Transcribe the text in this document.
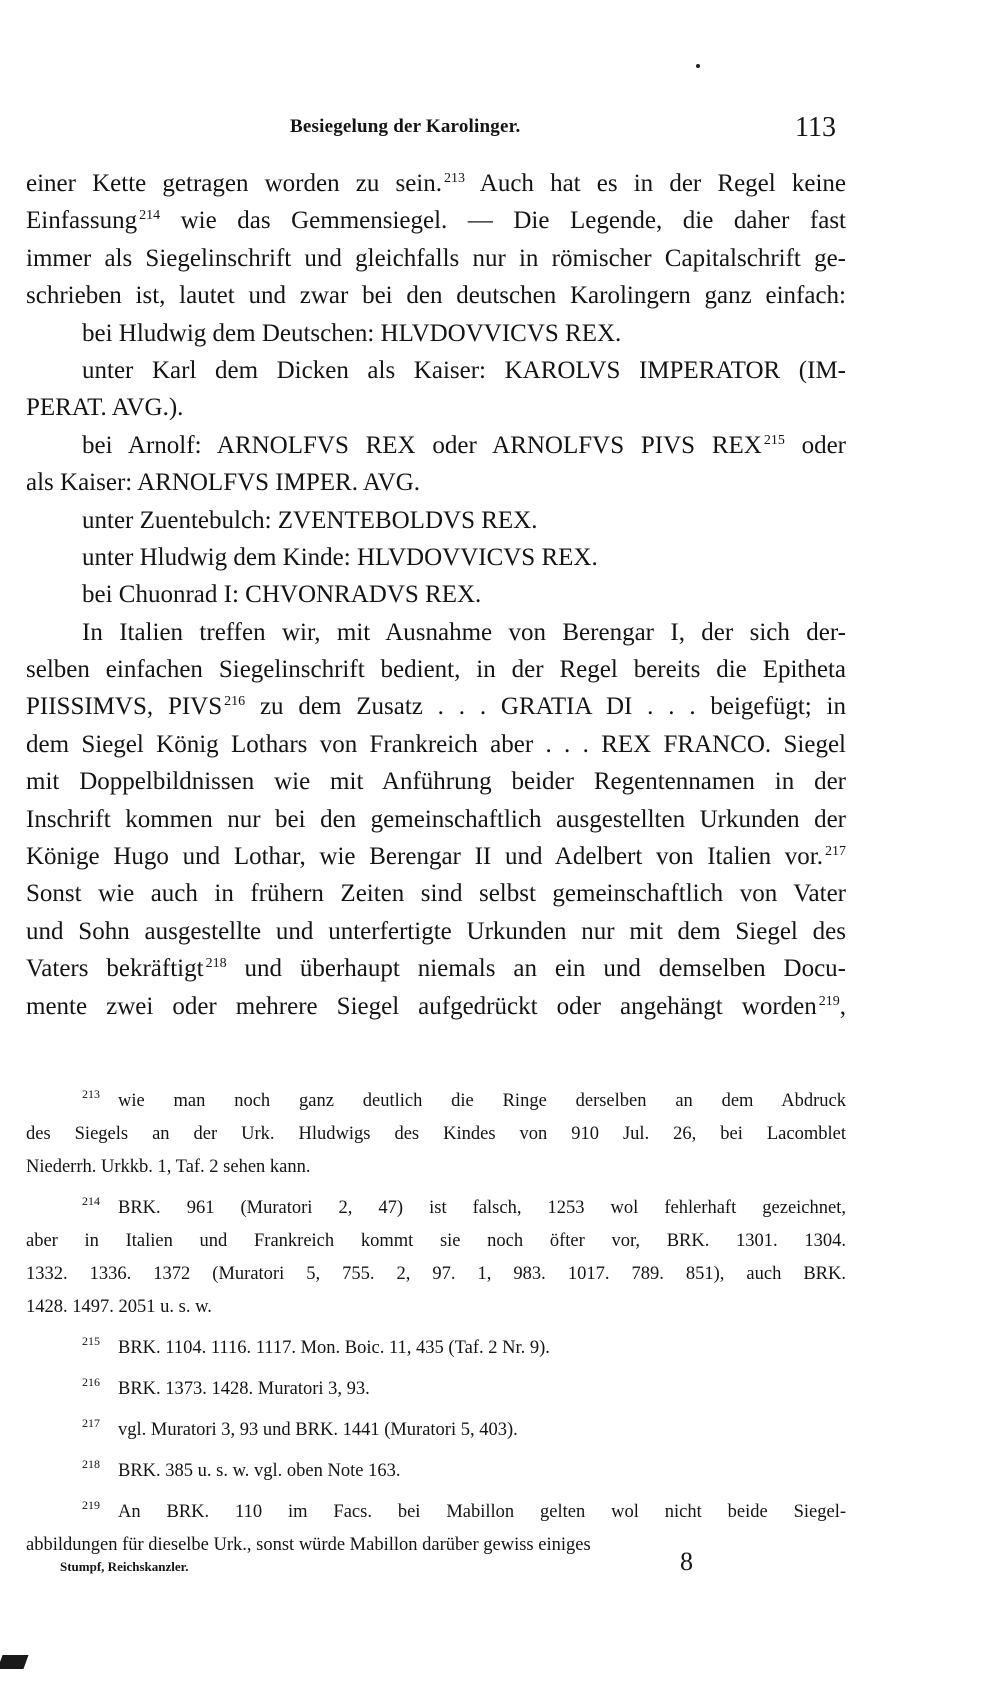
Besiegelung der Karolinger.	113
einer Kette getragen worden zu sein. $^{213}$ Auch hat es in der Regel keine
Einfassung $^{214}$ wie das Gemmensiegel. — Die Legende, die daher fast
immer als Siegelinschrift und gleichfalls nur in römischer Capitalschrift ge-
schrieben ist, lautet und zwar bei den deutschen Karolingern ganz einfach:
bei Hludwig dem Deutschen: HLVDOVVICVS REX.
unter Karl dem Dicken als Kaiser: KAROLVS IMPERATOR (IM-
PERAT. AVG.).
bei Arnolf: ARNOLFVS REX oder ARNOLFVS PIVS REX $^{215}$ oder
als Kaiser: ARNOLFVS IMPER. AVG.
unter Zuentebulch: ZVENTEBOLDVS REX.
unter Hludwig dem Kinde: HLVDOVVICVS REX.
bei Chuonrad I: CHVONRADVS REX.
In Italien treffen wir, mit Ausnahme von Berengar I, der sich der-
selben einfachen Siegelinschrift bedient, in der Regel bereits die Epitheta
PIISSIMVS, PIVS $^{216}$ zu dem Zusatz . . . GRATIA DI . . . beigefügt; in
dem Siegel König Lothars von Frankreich aber . . . REX FRANCO. Siegel
mit Doppelbildnissen wie mit Anführung beider Regentennamen in der
Inschrift kommen nur bei den gemeinschaftlich ausgestellten Urkunden der
Könige Hugo und Lothar, wie Berengar II und Adelbert von Italien vor. $^{217}$
Sonst wie auch in frühern Zeiten sind selbst gemeinschaftlich von Vater
und Sohn ausgestellte und unterfertigte Urkunden nur mit dem Siegel des
Vaters bekräftigt $^{218}$ und überhaupt niemals an ein und demselben Docu-
mente zwei oder mehrere Siegel aufgedrückt oder angehängt worden $^{219}$,
213 wie man noch ganz deutlich die Ringe derselben an dem Abdruck
des Siegels an der Urk. Hludwigs des Kindes von 910 Jul. 26, bei Lacomblet
Niederrh. Urkkb. 1, Taf. 2 sehen kann.
214 BRK. 961 (Muratori 2, 47) ist falsch, 1253 wol fehlerhaft gezeichnet,
aber in Italien und Frankreich kommt sie noch öfter vor, BRK. 1301. 1304.
1332. 1336. 1372 (Muratori 5, 755. 2, 97. 1, 983. 1017. 789. 851), auch BRK.
1428. 1497. 2051 u. s. w.
215 BRK. 1104. 1116. 1117. Mon. Boic. 11, 435 (Taf. 2 Nr. 9).
216 BRK. 1373. 1428. Muratori 3, 93.
217 vgl. Muratori 3, 93 und BRK. 1441 (Muratori 5, 403).
218 BRK. 385 u. s. w. vgl. oben Note 163.
219 An BRK. 110 im Facs. bei Mabillon gelten wol nicht beide Siegel-
abbildungen für dieselbe Urk., sonst würde Mabillon darüber gewiss einiges
Stumpf, Reichskanzler.	8
